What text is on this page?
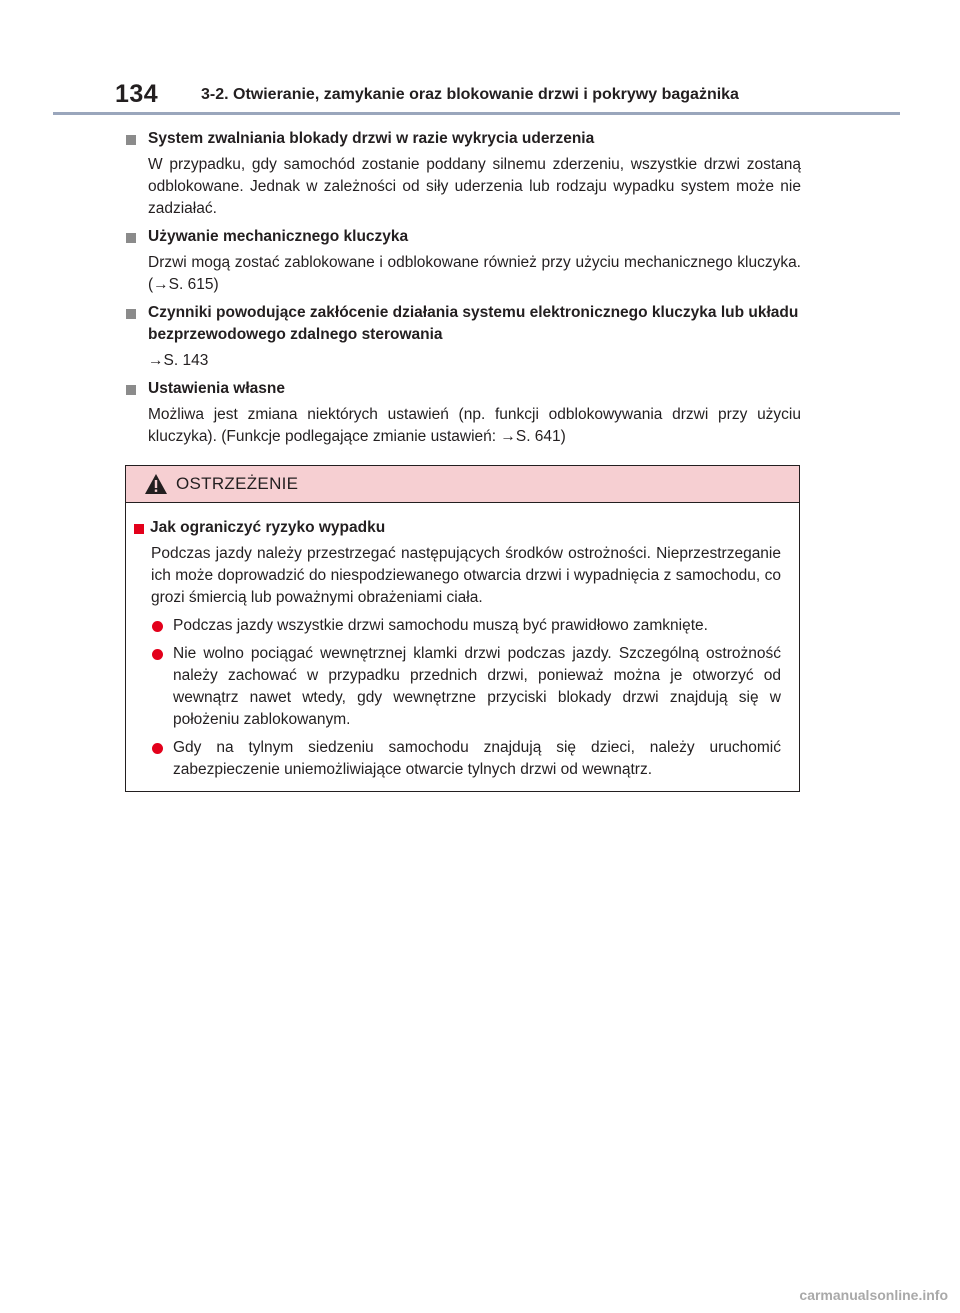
134	3-2. Otwieranie, zamykanie oraz blokowanie drzwi i pokrywy bagażnika
System zwalniania blokady drzwi w razie wykrycia uderzenia
W przypadku, gdy samochód zostanie poddany silnemu zderzeniu, wszystkie drzwi zostaną odblokowane. Jednak w zależności od siły uderzenia lub rodzaju wypadku system może nie zadziałać.
Używanie mechanicznego kluczyka
Drzwi mogą zostać zablokowane i odblokowane również przy użyciu mechanicznego kluczyka. (→S. 615)
Czynniki powodujące zakłócenie działania systemu elektronicznego kluczyka lub układu bezprzewodowego zdalnego sterowania
→S. 143
Ustawienia własne
Możliwa jest zmiana niektórych ustawień (np. funkcji odblokowywania drzwi przy użyciu kluczyka). (Funkcje podlegające zmianie ustawień: →S. 641)
OSTRZEŻENIE
Jak ograniczyć ryzyko wypadku
Podczas jazdy należy przestrzegać następujących środków ostrożności. Nieprzestrzeganie ich może doprowadzić do niespodziewanego otwarcia drzwi i wypadnięcia z samochodu, co grozi śmiercią lub poważnymi obrażeniami ciała.
Podczas jazdy wszystkie drzwi samochodu muszą być prawidłowo zamknięte.
Nie wolno pociągać wewnętrznej klamki drzwi podczas jazdy. Szczególną ostrożność należy zachować w przypadku przednich drzwi, ponieważ można je otworzyć od wewnątrz nawet wtedy, gdy wewnętrzne przyciski blokady drzwi znajdują się w położeniu zablokowanym.
Gdy na tylnym siedzeniu samochodu znajdują się dzieci, należy uruchomić zabezpieczenie uniemożliwiające otwarcie tylnych drzwi od wewnątrz.
carmanualsonline.info
